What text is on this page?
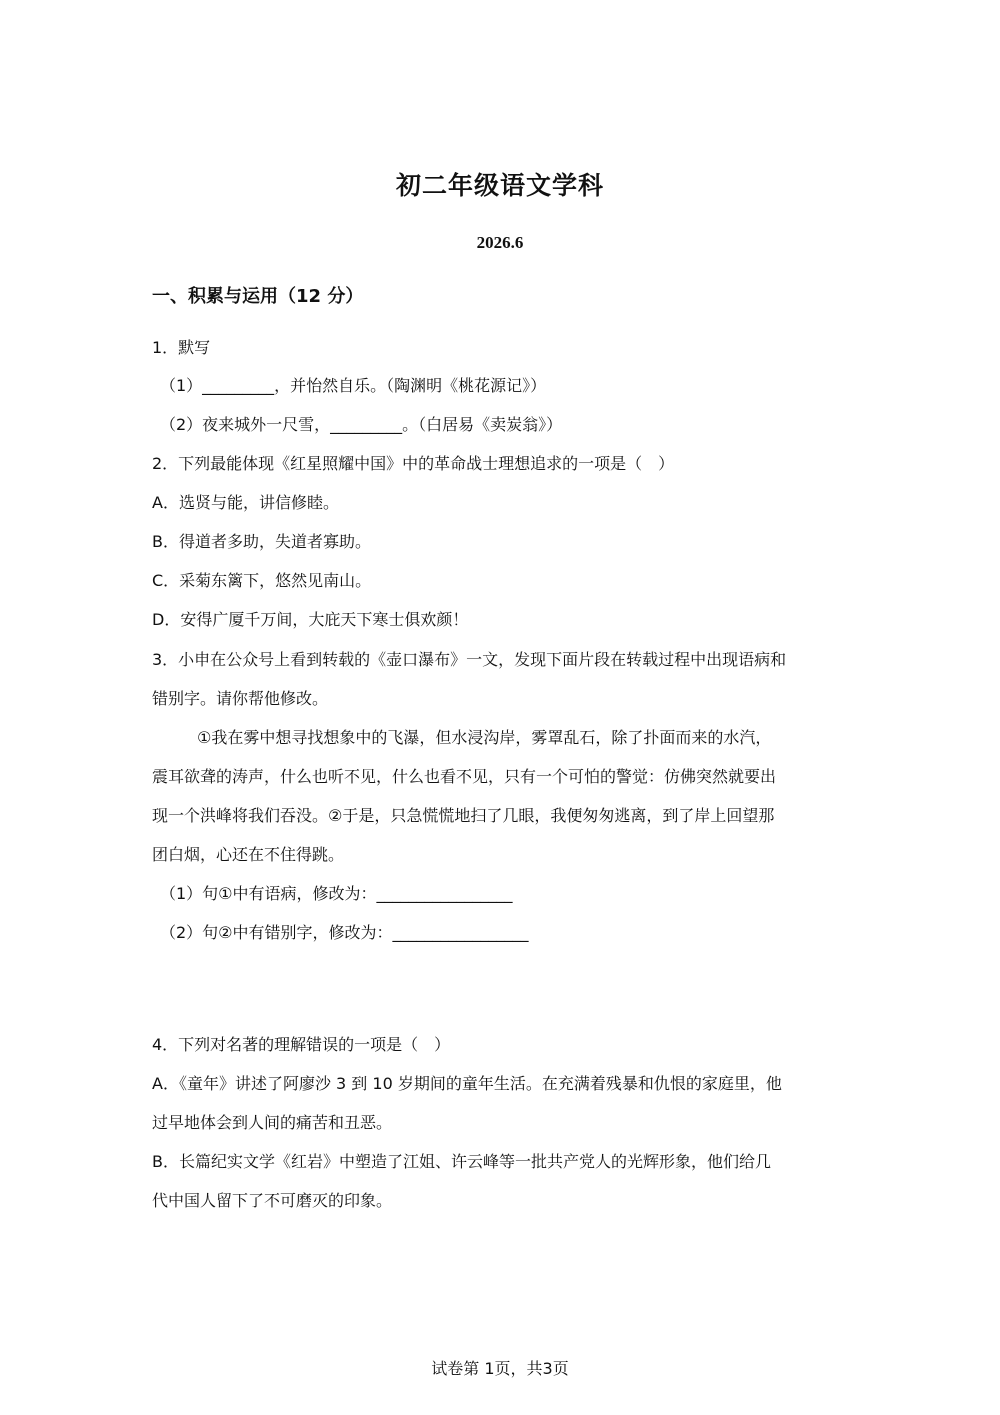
初二年级语文学科
2026.6
一、积累与运用（12 分）
1．默写
（1）_________，并怡然自乐。（陶渊明《桃花源记》）
（2）夜来城外一尺雪，_________。（白居易《卖炭翁》）
2．下列最能体现《红星照耀中国》中的革命战士理想追求的一项是（　）
A．选贤与能，讲信修睦。
B．得道者多助，失道者寡助。
C．采菊东篱下，悠然见南山。
D．安得广厦千万间，大庇天下寒士俱欢颜！
3．小申在公众号上看到转载的《壶口瀑布》一文，发现下面片段在转载过程中出现语病和
错别字。请你帮他修改。
①我在雾中想寻找想象中的飞瀑，但水浸沟岸，雾罩乱石，除了扑面而来的水汽，
震耳欲聋的涛声，什么也听不见，什么也看不见，只有一个可怕的警觉：仿佛突然就要出
现一个洪峰将我们吞没。②于是，只急慌慌地扫了几眼，我便匆匆逃离，到了岸上回望那
团白烟，心还在不住得跳。
（1）句①中有语病，修改为：_________________
（2）句②中有错别字，修改为：_________________
4．下列对名著的理解错误的一项是（　）
A．《童年》讲述了阿廖沙 3 到 10 岁期间的童年生活。在充满着残暴和仇恨的家庭里，他
过早地体会到人间的痛苦和丑恶。
B．长篇纪实文学《红岩》中塑造了江姐、许云峰等一批共产党人的光辉形象，他们给几
代中国人留下了不可磨灭的印象。
试卷第 1页，共3页
